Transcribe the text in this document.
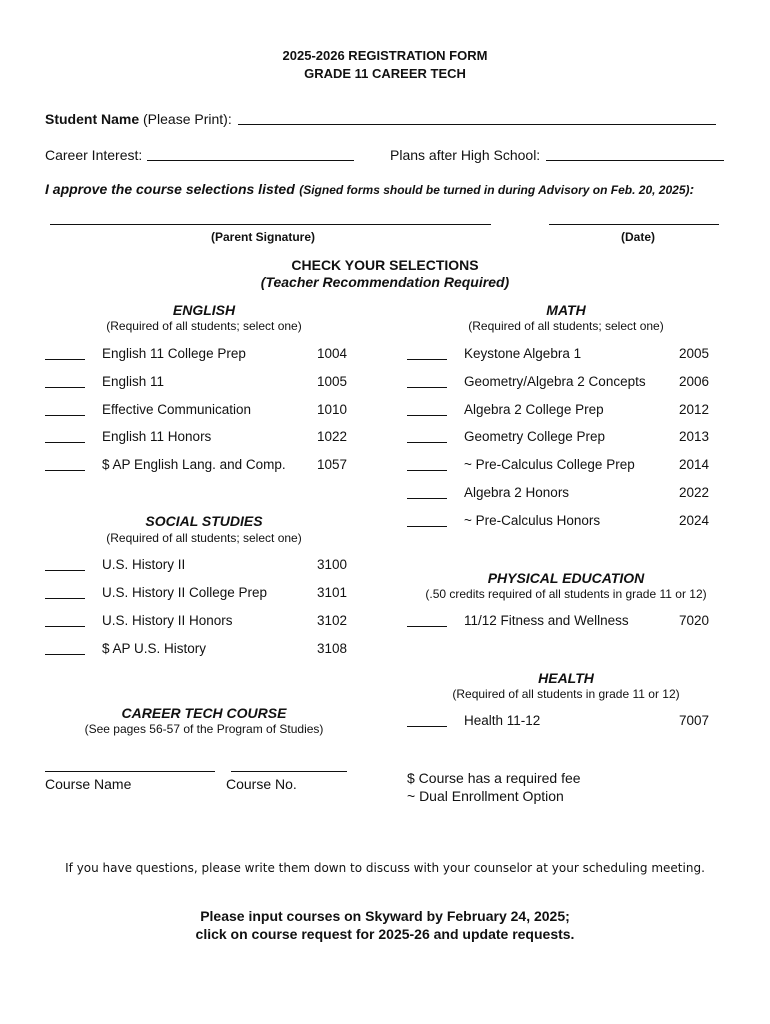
2025-2026 REGISTRATION FORM
GRADE 11 CAREER TECH
Student Name (Please Print):
Career Interest:	Plans after High School:
I approve the course selections listed (Signed forms should be turned in during Advisory on Feb. 20, 2025):
(Parent Signature)	(Date)
CHECK YOUR SELECTIONS
(Teacher Recommendation Required)
ENGLISH
(Required of all students; select one)
English 11 College Prep	1004
English 11	1005
Effective Communication	1010
English 11 Honors	1022
$ AP English Lang. and Comp. 1057
MATH
(Required of all students; select one)
Keystone Algebra 1	2005
Geometry/Algebra 2 Concepts 2006
Algebra 2 College Prep	2012
Geometry College Prep	2013
~ Pre-Calculus College Prep	2014
Algebra 2 Honors	2022
~ Pre-Calculus Honors	2024
SOCIAL STUDIES
(Required of all students; select one)
U.S. History II	3100
U.S. History II College Prep	3101
U.S. History II Honors	3102
$ AP U.S. History	3108
PHYSICAL EDUCATION
(.50 credits required of all students in grade 11 or 12)
11/12 Fitness and Wellness	7020
HEALTH
(Required of all students in grade 11 or 12)
Health 11-12	7007
CAREER TECH COURSE
(See pages 56-57 of the Program of Studies)
Course Name	Course No.	$ Course has a required fee
~ Dual Enrollment Option
If you have questions, please write them down to discuss with your counselor at your scheduling meeting.
Please input courses on Skyward by February 24, 2025;
click on course request for 2025-26 and update requests.
